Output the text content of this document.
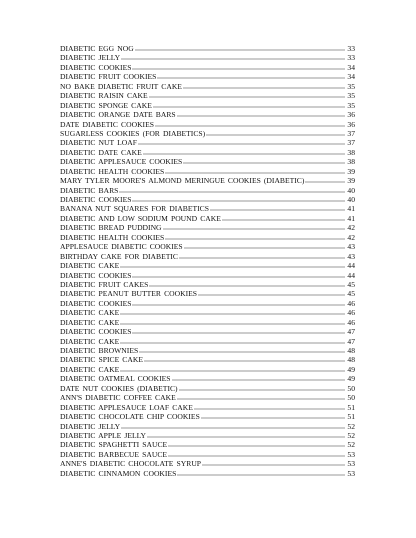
DIABETIC EGG NOG	33
DIABETIC JELLY	33
DIABETIC COOKIES	34
DIABETIC FRUIT COOKIES	34
NO BAKE DIABETIC FRUIT CAKE	35
DIABETIC RAISIN CAKE	35
DIABETIC SPONGE CAKE	35
DIABETIC ORANGE DATE BARS	36
DATE DIABETIC COOKIES	36
SUGARLESS COOKIES (FOR DIABETICS)	37
DIABETIC NUT LOAF	37
DIABETIC DATE CAKE	38
DIABETIC APPLESAUCE COOKIES	38
DIABETIC HEALTH COOKIES	39
MARY TYLER MOORE'S ALMOND MERINGUE COOKIES (DIABETIC)	39
DIABETIC BARS	40
DIABETIC COOKIES	40
BANANA NUT SQUARES FOR DIABETICS	41
DIABETIC AND LOW SODIUM POUND CAKE	41
DIABETIC BREAD PUDDING	42
DIABETIC HEALTH COOKIES	42
APPLESAUCE DIABETIC COOKIES	43
BIRTHDAY CAKE FOR DIABETIC	43
DIABETIC CAKE	44
DIABETIC COOKIES	44
DIABETIC FRUIT CAKES	45
DIABETIC PEANUT BUTTER COOKIES	45
DIABETIC COOKIES	46
DIABETIC CAKE	46
DIABETIC CAKE	46
DIABETIC COOKIES	47
DIABETIC CAKE	47
DIABETIC BROWNIES	48
DIABETIC SPICE CAKE	48
DIABETIC CAKE	49
DIABETIC OATMEAL COOKIES	49
DATE NUT COOKIES (DIABETIC)	50
ANN'S DIABETIC COFFEE CAKE	50
DIABETIC APPLESAUCE LOAF CAKE	51
DIABETIC CHOCOLATE CHIP COOKIES	51
DIABETIC JELLY	52
DIABETIC APPLE JELLY	52
DIABETIC SPAGHETTI SAUCE	52
DIABETIC BARBECUE SAUCE	53
ANNE'S DIABETIC CHOCOLATE SYRUP	53
DIABETIC CINNAMON COOKIES	53
